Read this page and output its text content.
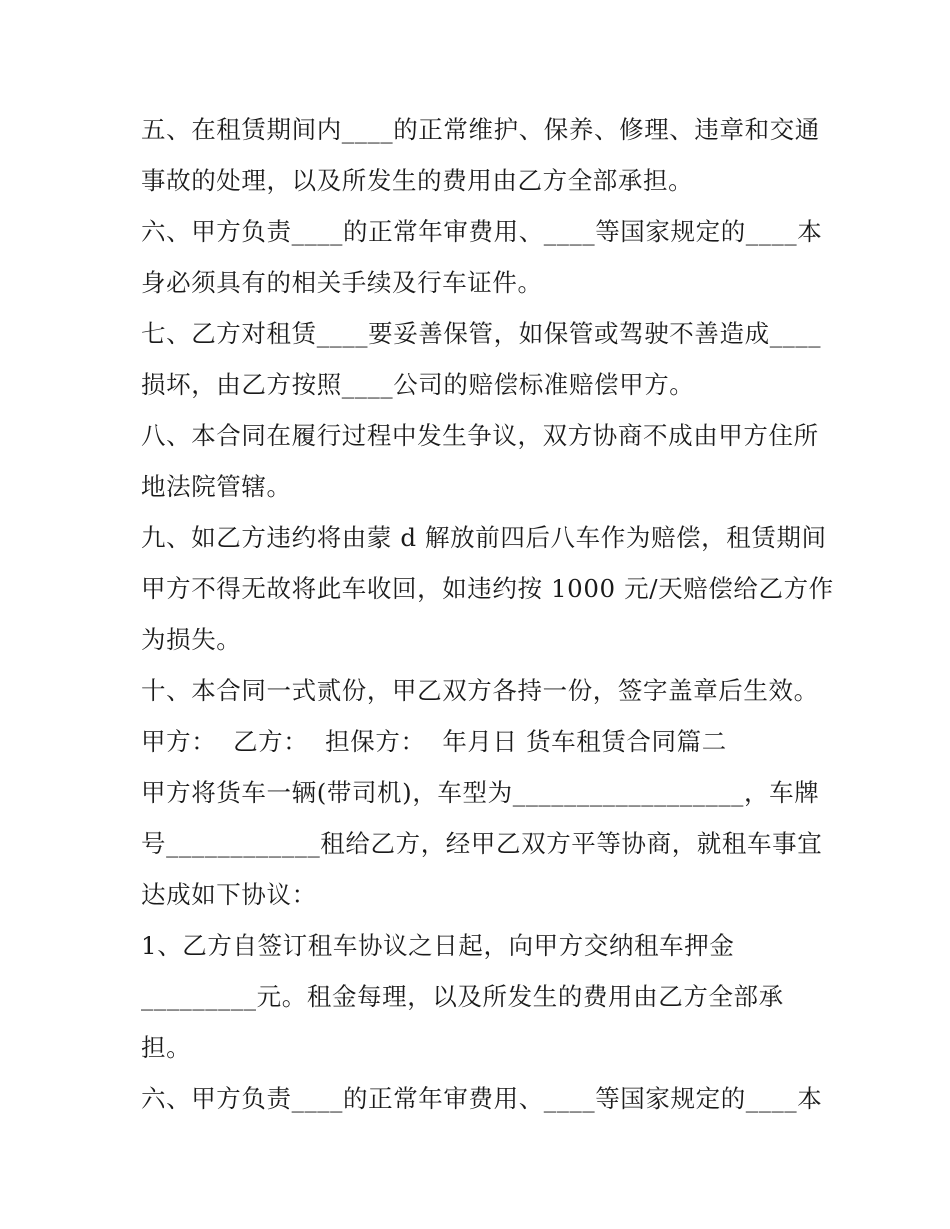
五、在租赁期间内____的正常维护、保养、修理、违章和交通
事故的处理，以及所发生的费用由乙方全部承担。
六、甲方负责____的正常年审费用、____等国家规定的____本
身必须具有的相关手续及行车证件。
七、乙方对租赁____要妥善保管，如保管或驾驶不善造成____
损坏，由乙方按照____公司的赔偿标准赔偿甲方。
八、本合同在履行过程中发生争议，双方协商不成由甲方住所
地法院管辖。
九、如乙方违约将由蒙 d 解放前四后八车作为赔偿，租赁期间
甲方不得无故将此车收回，如违约按 1000 元/天赔偿给乙方作
为损失。
十、本合同一式贰份，甲乙双方各持一份，签字盖章后生效。
甲方：  乙方：  担保方：  年月日 货车租赁合同篇二
甲方将货车一辆(带司机)，车型为__________________，车牌
号____________租给乙方，经甲乙双方平等协商，就租车事宜
达成如下协议：
1、乙方自签订租车协议之日起，向甲方交纳租车押金
_________元。租金每理，以及所发生的费用由乙方全部承
担。
六、甲方负责____的正常年审费用、____等国家规定的____本
